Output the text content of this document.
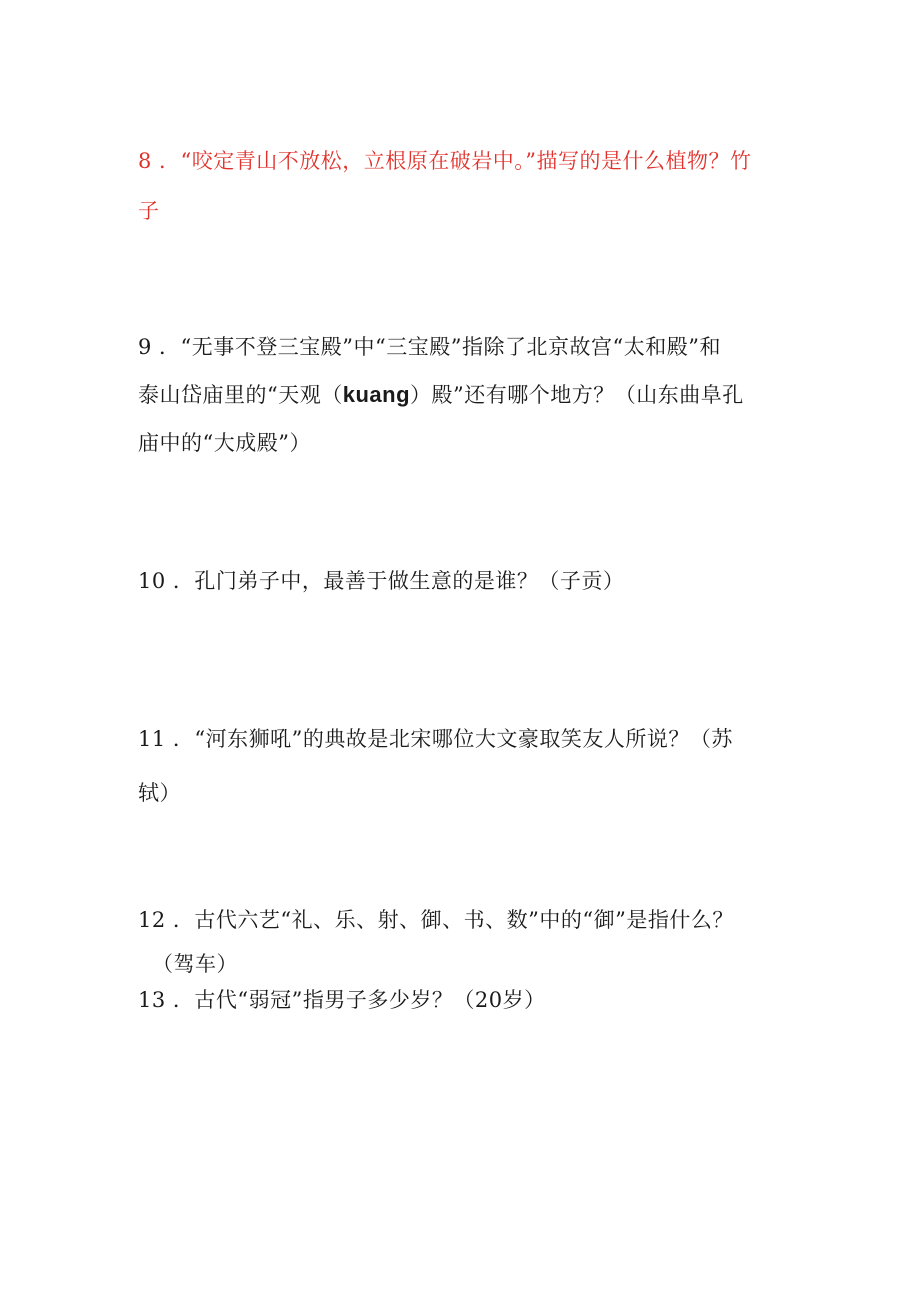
8 ．“咬定青山不放松，立根原在破岩中。”描写的是什么植物？竹
子
9 ．“无事不登三宝殿”中“三宝殿”指除了北京故宫“太和殿”和
泰山岱庙里的“天观（kuang）殿”还有哪个地方？（山东曲阜孔
庙中的“大成殿”）
10 ．孔门弟子中，最善于做生意的是谁？（子贡）
11 ．“河东狮吼”的典故是北宋哪位大文豪取笑友人所说？（苏
轼）
12 ．古代六艺“礼、乐、射、御、书、数”中的“御”是指什么？
（驾车）
13 ．古代“弱冠”指男子多少岁？（20岁）
